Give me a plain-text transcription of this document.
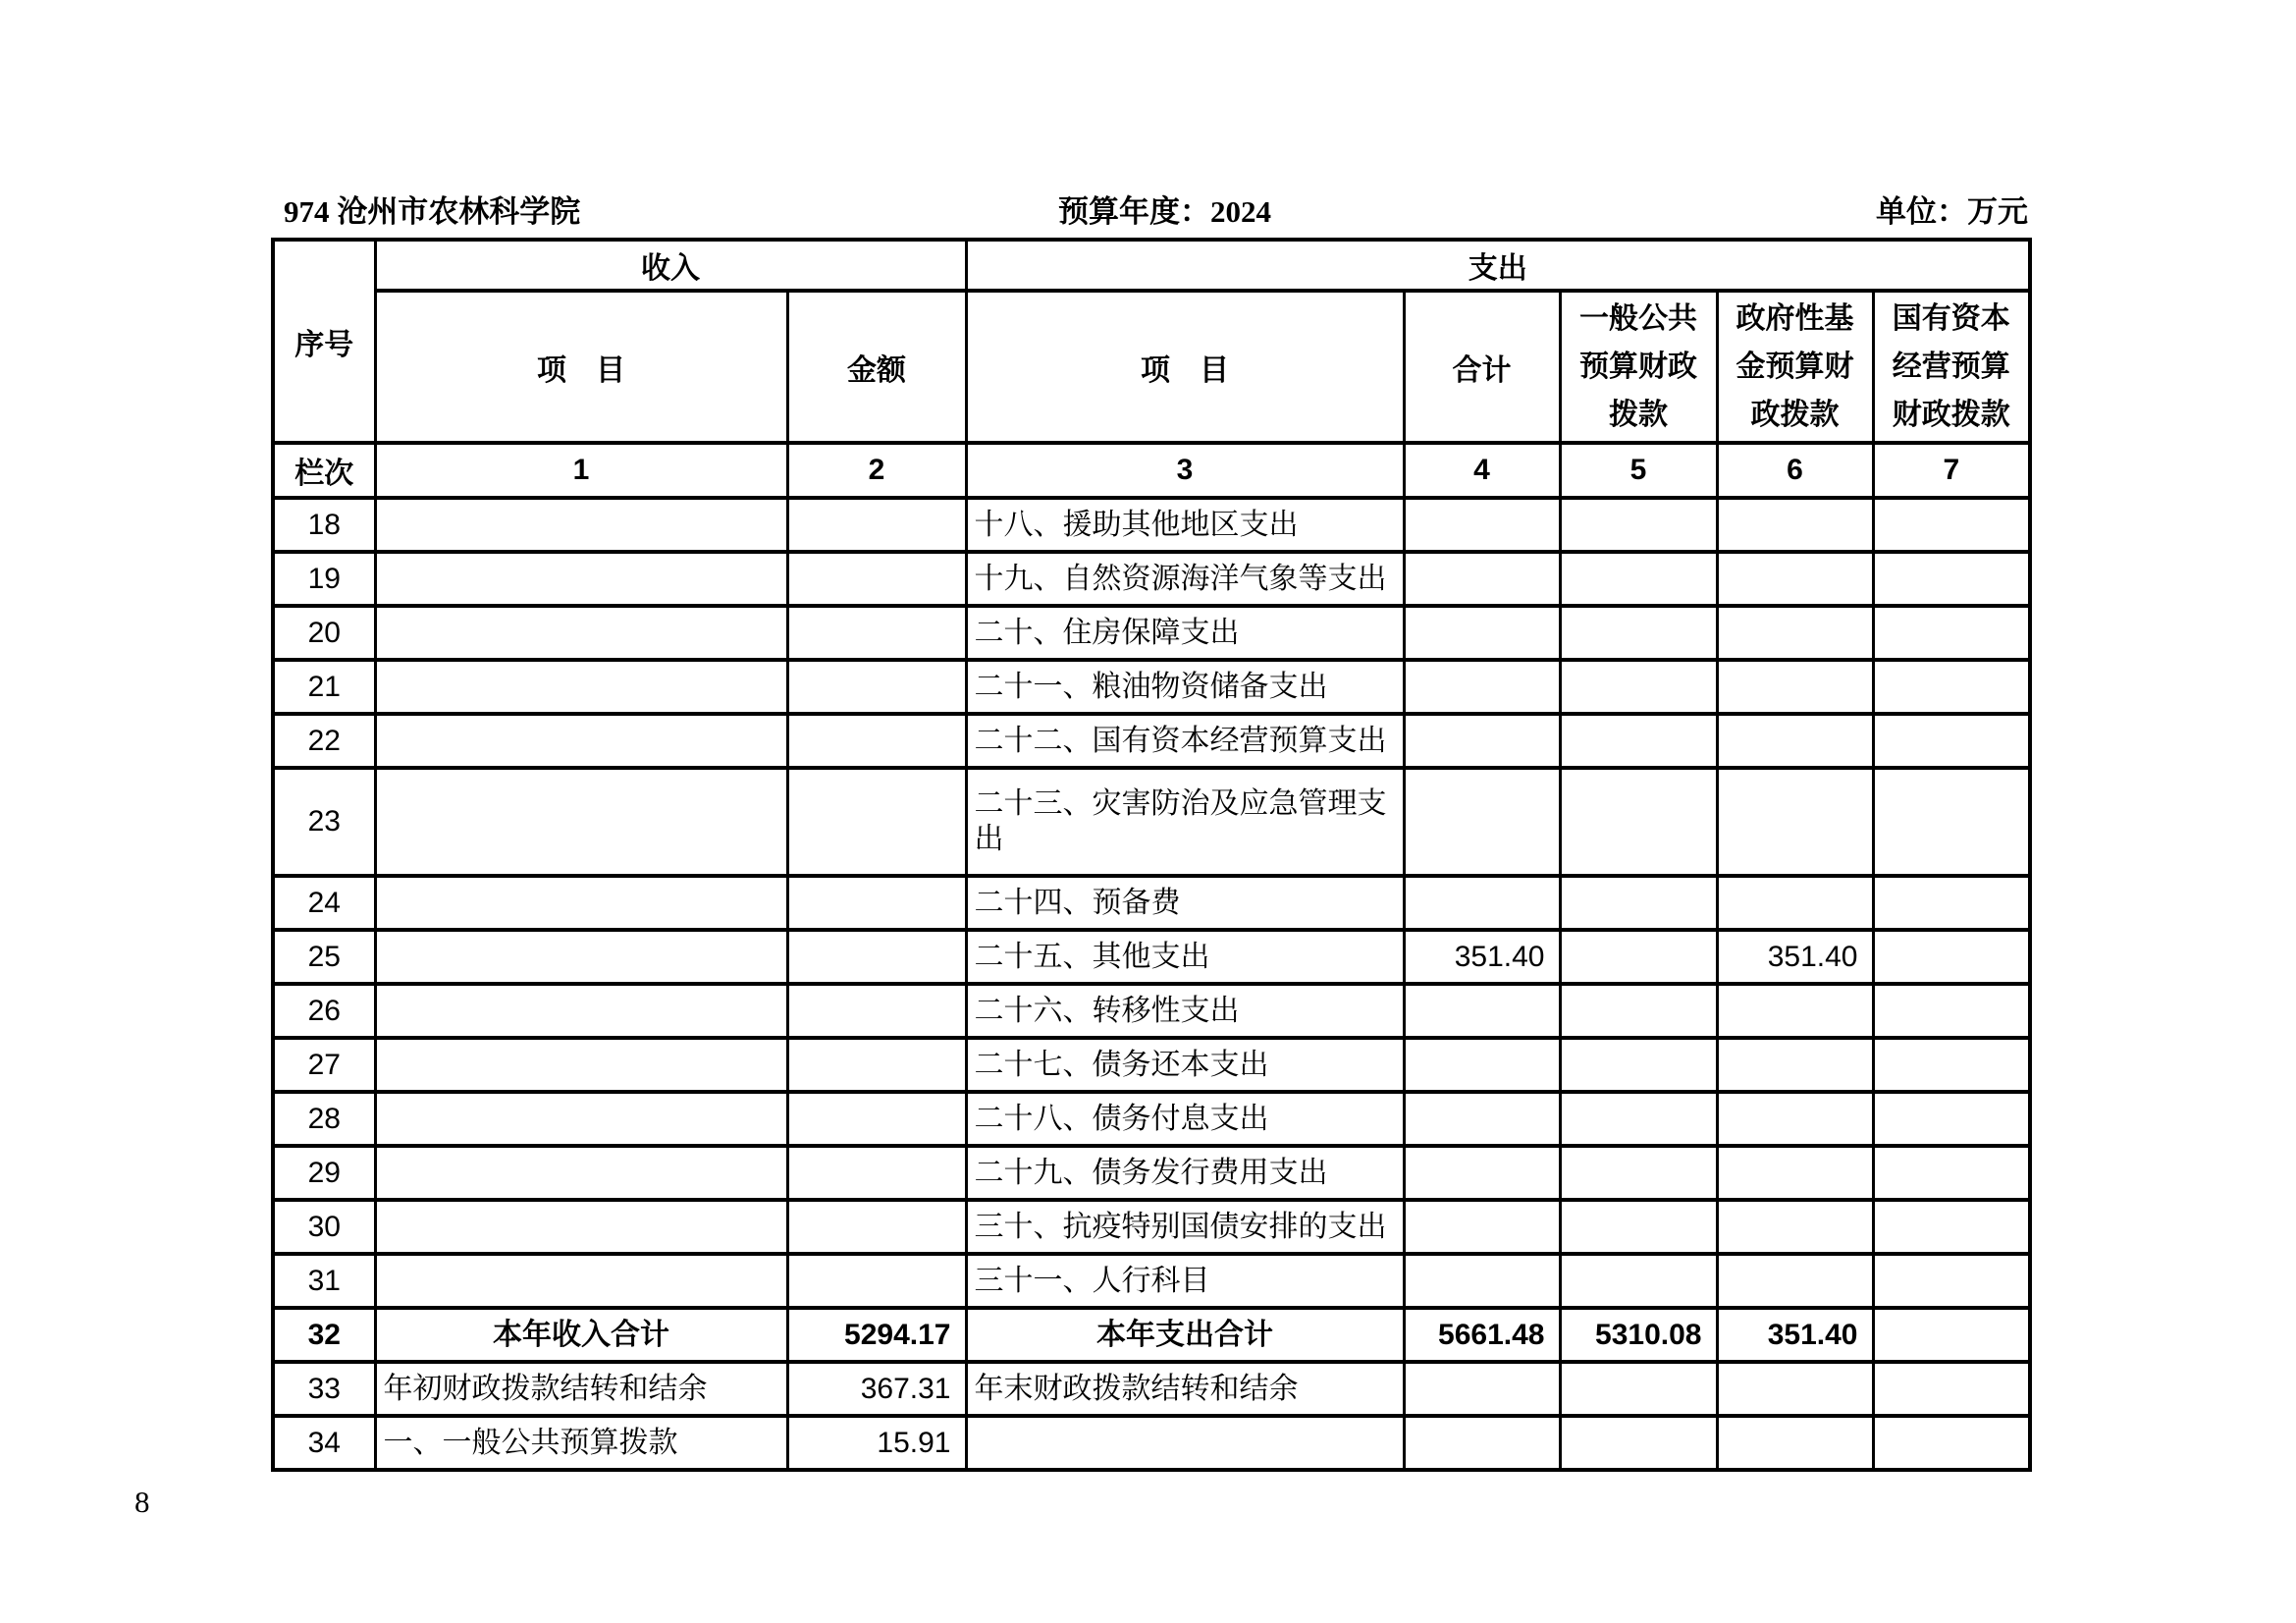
974 沧州市农林科学院	预算年度：2024	单位：万元
序号	收入		支出				
	项　目	金额	项　目	合计	一般公共预算财政拨款	政府性基金预算财政拨款	国有资本经营预算财政拨款
栏次	1	2	3	4	5	6	7
18			十八、援助其他地区支出				
19			十九、自然资源海洋气象等支出				
20			二十、住房保障支出				
21			二十一、粮油物资储备支出				
22			二十二、国有资本经营预算支出				
23			二十三、灾害防治及应急管理支出				
24			二十四、预备费				
25			二十五、其他支出	351.40		351.40	
26			二十六、转移性支出				
27			二十七、债务还本支出				
28			二十八、债务付息支出				
29			二十九、债务发行费用支出				
30			三十、抗疫特别国债安排的支出				
31			三十一、人行科目				
32	本年收入合计	5294.17	本年支出合计	5661.48	5310.08	351.40	
33	年初财政拨款结转和结余	367.31	年末财政拨款结转和结余				
34	一、一般公共预算拨款	15.91					
8
